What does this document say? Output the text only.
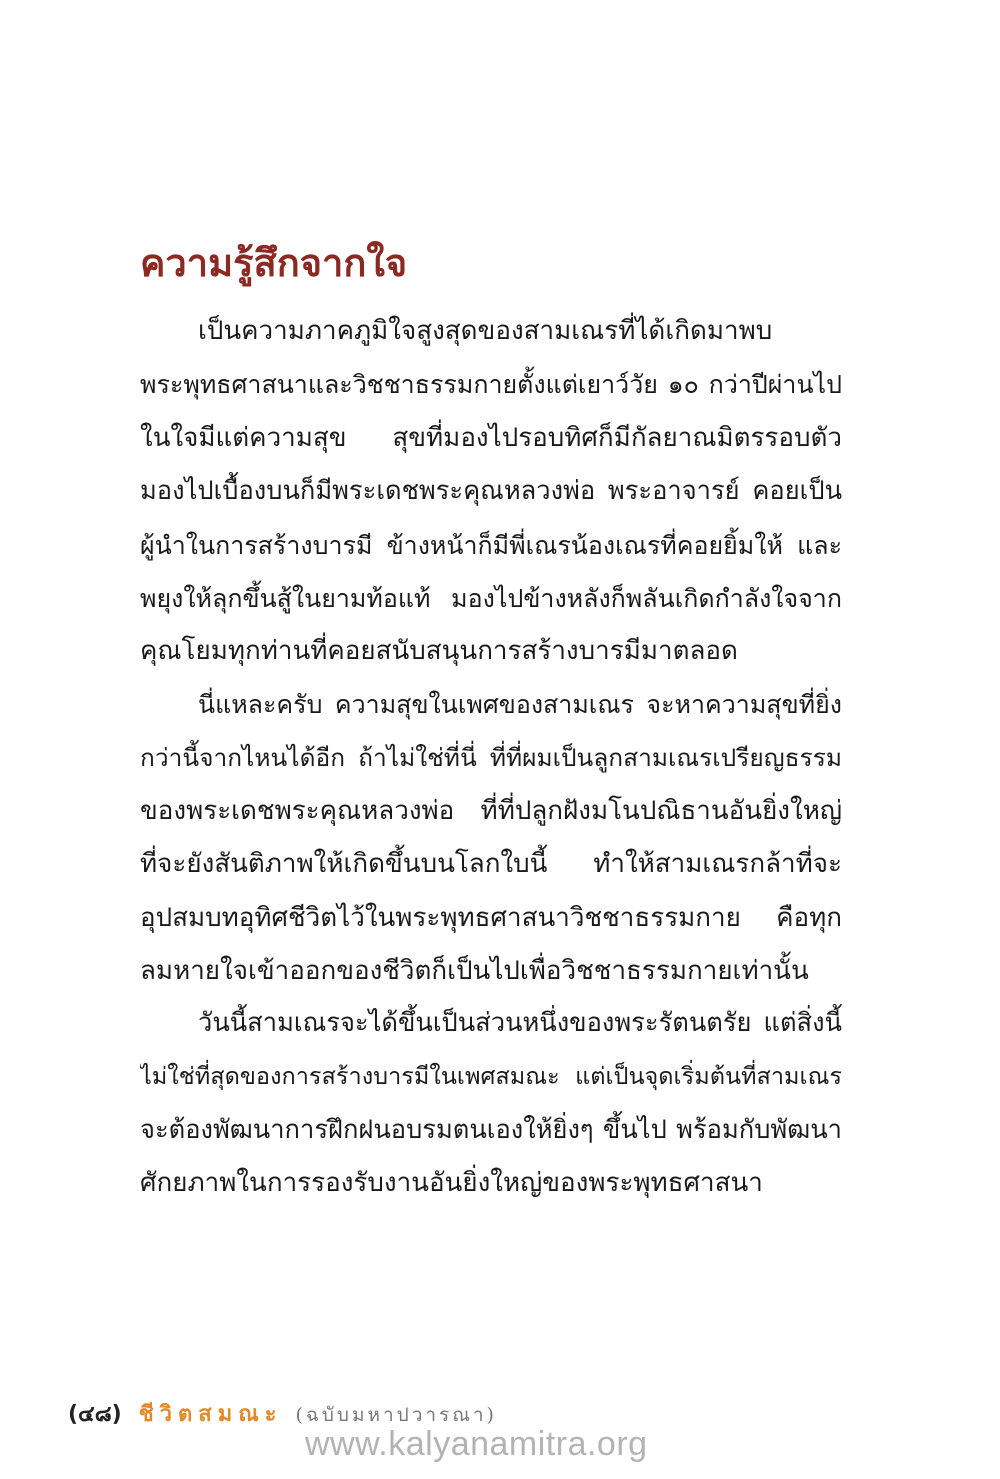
ความรู้สึกจากใจ
เป็นความภาคภูมิใจสูงสุดของสามเณรที่ได้เกิดมาพบ
พระพุทธศาสนาและวิชชาธรรมกายตั้งแต่เยาว์วัย ๑๐ กว่าปีผ่านไป
ในใจมีแต่ความสุข สุขที่มองไปรอบทิศก็มีกัลยาณมิตรรอบตัว
มองไปเบื้องบนก็มีพระเดชพระคุณหลวงพ่อ พระอาจารย์ คอยเป็น
ผู้นำในการสร้างบารมี ข้างหน้าก็มีพี่เณรน้องเณรที่คอยยิ้มให้ และ
พยุงให้ลุกขึ้นสู้ในยามท้อแท้ มองไปข้างหลังก็พลันเกิดกำลังใจจาก
คุณโยมทุกท่านที่คอยสนับสนุนการสร้างบารมีมาตลอด
นี่แหละครับ ความสุขในเพศของสามเณร จะหาความสุขที่ยิ่ง
กว่านี้จากไหนได้อีก ถ้าไม่ใช่ที่นี่ ที่ที่ผมเป็นลูกสามเณรเปรียญธรรม
ของพระเดชพระคุณหลวงพ่อ ที่ที่ปลูกฝังมโนปณิธานอันยิ่งใหญ่
ที่จะยังสันติภาพให้เกิดขึ้นบนโลกใบนี้ ทำให้สามเณรกล้าที่จะ
อุปสมบทอุทิศชีวิตไว้ในพระพุทธศาสนาวิชชาธรรมกาย คือทุก
ลมหายใจเข้าออกของชีวิตก็เป็นไปเพื่อวิชชาธรรมกายเท่านั้น
วันนี้สามเณรจะได้ขึ้นเป็นส่วนหนึ่งของพระรัตนตรัย แต่สิ่งนี้
ไม่ใช่ที่สุดของการสร้างบารมีในเพศสมณะ แต่เป็นจุดเริ่มต้นที่สามเณร
จะต้องพัฒนาการฝึกฝนอบรมตนเองให้ยิ่งๆ ขึ้นไป พร้อมกับพัฒนา
ศักยภาพในการรองรับงานอันยิ่งใหญ่ของพระพุทธศาสนา
(๔๘) ชีวิตสมณะ (ฉบับมหาปวารณา)
www.kalyanamitra.org
